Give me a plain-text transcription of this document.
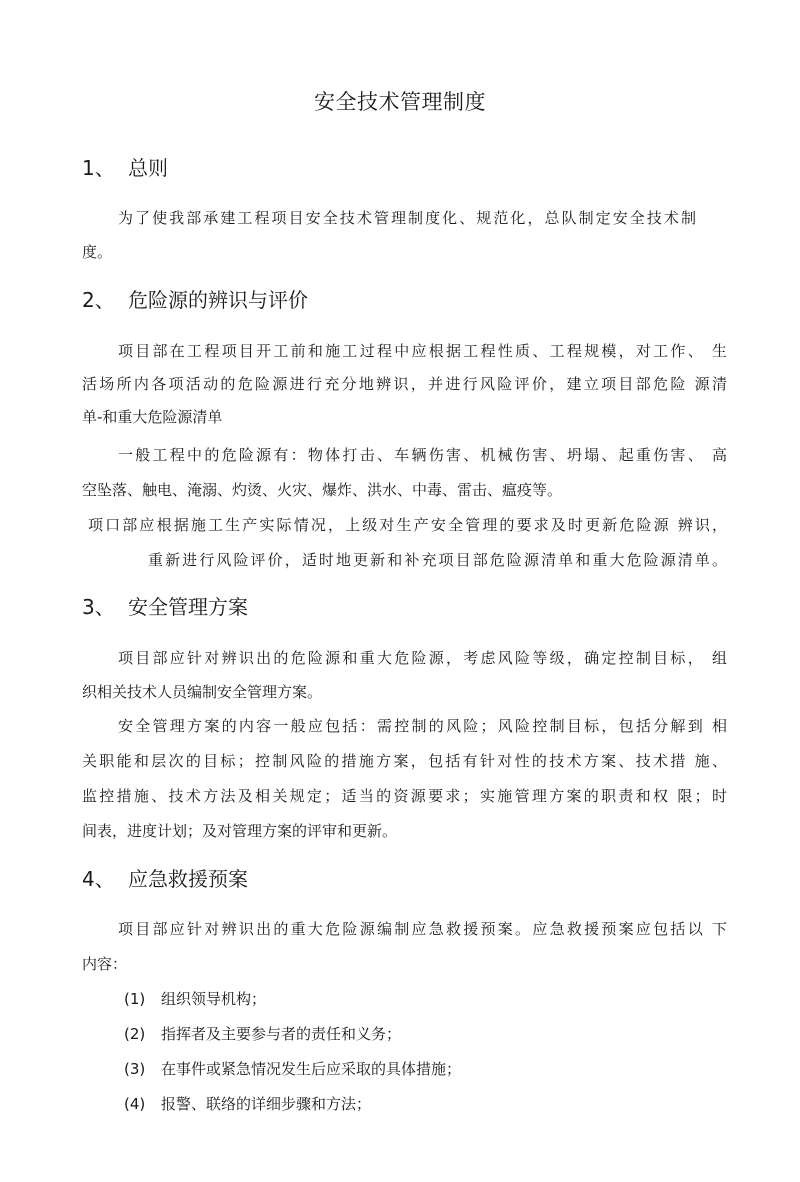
安全技术管理制度
1、 总则
为了使我部承建工程项目安全技术管理制度化、规范化，总队制定安全技术制
度。
2、 危险源的辨识与评价
项目部在工程项目开工前和施工过程中应根据工程性质、工程规模，对工作、 生
活场所内各项活动的危险源进行充分地辨识，并进行风险评价，建立项目部危险 源清
单-和重大危险源清单
一般工程中的危险源有：物体打击、车辆伤害、机械伤害、坍塌、起重伤害、 高
空坠落、触电、淹溺、灼烫、火灾、爆炸、洪水、中毒、雷击、瘟疫等。
项口部应根据施工生产实际情况，上级对生产安全管理的要求及时更新危险源 辨识，
重新进行风险评价，适时地更新和补充项目部危险源清单和重大危险源清单。
3、 安全管理方案
项目部应针对辨识出的危险源和重大危险源，考虑风险等级，确定控制目标， 组
织相关技术人员编制安全管理方案。
安全管理方案的内容一般应包括：需控制的风险；风险控制目标，包括分解到 相
关职能和层次的目标；控制风险的措施方案，包括有针对性的技术方案、技术措 施、
监控措施、技术方法及相关规定；适当的资源要求；实施管理方案的职责和权 限；时
间表，进度计划；及对管理方案的评审和更新。
4、 应急救援预案
项目部应针对辨识出的重大危险源编制应急救援预案。应急救援预案应包括以 下
内容：
(1) 组织领导机构；
(2) 指挥者及主要参与者的责任和义务；
(3) 在事件或紧急情况发生后应采取的具体措施；
(4) 报警、联络的详细步骤和方法；
